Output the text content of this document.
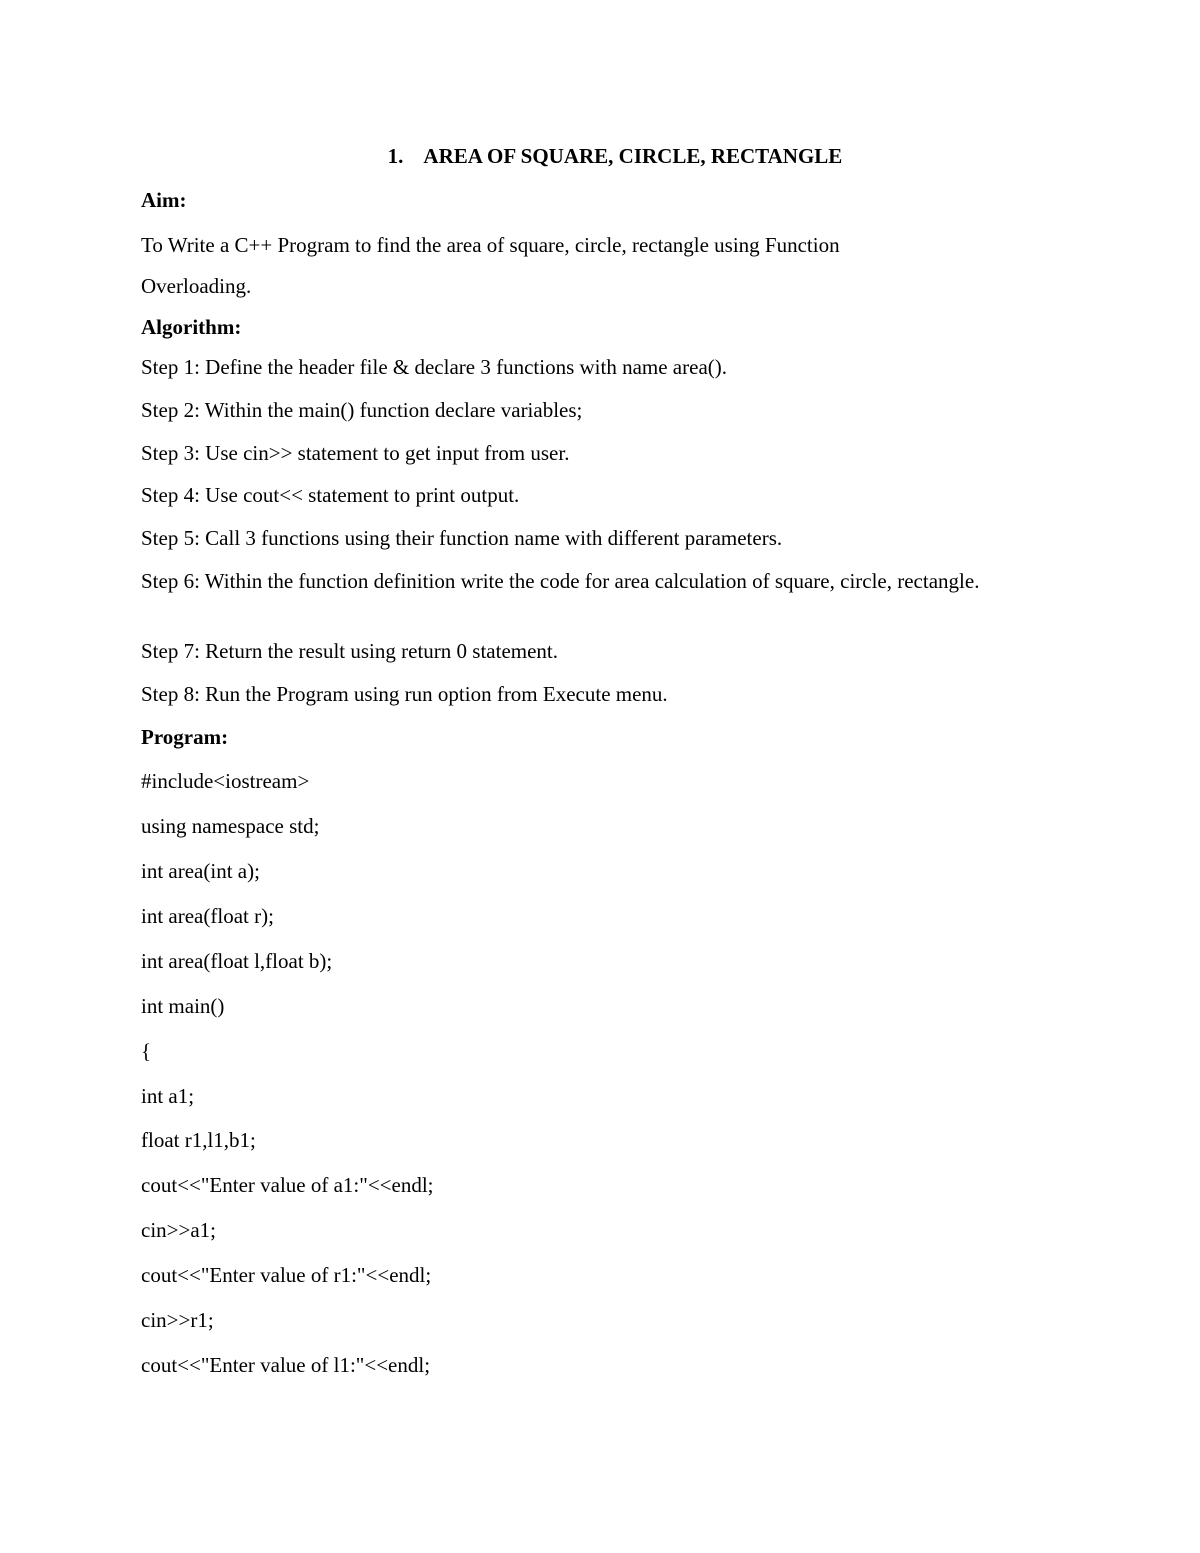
1. AREA OF SQUARE, CIRCLE, RECTANGLE
Aim:
To Write a C++ Program to find the area of square, circle, rectangle using Function
Overloading.
Algorithm:
Step 1: Define the header file & declare 3 functions with name area().
Step 2: Within the main() function declare variables;
Step 3: Use cin>> statement to get input from user.
Step 4: Use cout<< statement to print output.
Step 5: Call 3 functions using their function name with different parameters.
Step 6: Within the function definition write the code for area calculation of square, circle, rectangle.
Step 7: Return the result using return 0 statement.
Step 8: Run the Program using run option from Execute menu.
Program:
#include<iostream>
using namespace std;
int area(int a);
int area(float r);
int area(float l,float b);
int main()
{
int a1;
float r1,l1,b1;
cout<<"Enter value of a1:"<<endl;
cin>>a1;
cout<<"Enter value of r1:"<<endl;
cin>>r1;
cout<<"Enter value of l1:"<<endl;
